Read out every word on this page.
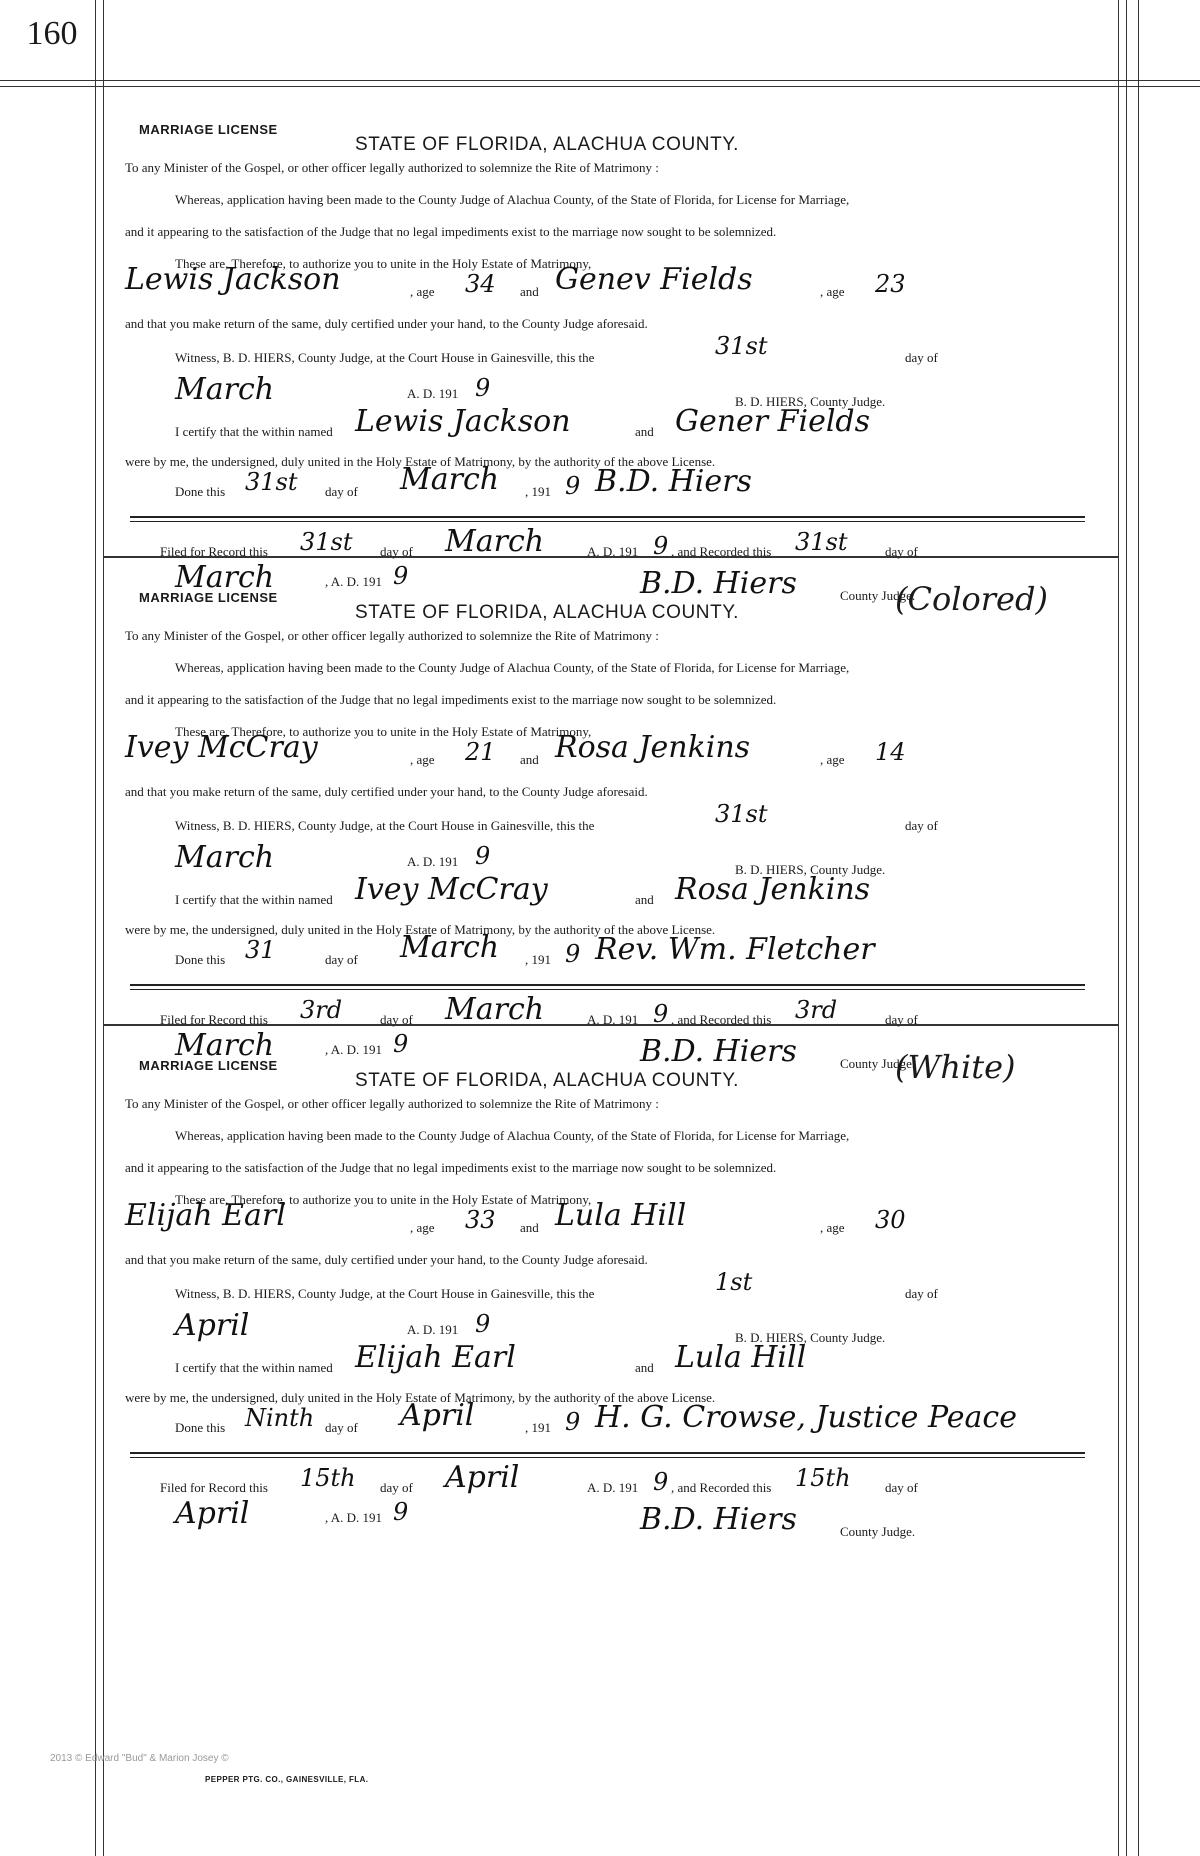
160
MARRIAGE LICENSE
STATE OF FLORIDA, ALACHUA COUNTY.
To any Minister of the Gospel, or other officer legally authorized to solemnize the Rite of Matrimony :
Whereas, application having been made to the County Judge of Alachua County, of the State of Florida, for License for Marriage,
and it appearing to the satisfaction of the Judge that no legal impediments exist to the marriage now sought to be solemnized.
These are, Therefore, to authorize you to unite in the Holy Estate of Matrimony,
Lewis Jackson	, age 34 and Genev Fields	, age 23
and that you make return of the same, duly certified under your hand, to the County Judge aforesaid.
Witness, B. D. HIERS, County Judge, at the Court House in Gainesville, this the	31st	day of
March	A. D. 191 9	B. D. HIERS, County Judge.
I certify that the within named Lewis Jackson	and Gener Fields
were by me, the undersigned, duly united in the Holy Estate of Matrimony, by the authority of the above License.
Done this 31st day of March , 191 9 B.D. Hiers
Filed for Record this 31st day of March	A. D. 191 9 , and Recorded this 31st	day of
March	, A. D. 191 9	B.D. Hiers	County Judge.
MARRIAGE LICENSE
STATE OF FLORIDA, ALACHUA COUNTY.	(Colored)
To any Minister of the Gospel, or other officer legally authorized to solemnize the Rite of Matrimony :
Whereas, application having been made to the County Judge of Alachua County, of the State of Florida, for License for Marriage,
and it appearing to the satisfaction of the Judge that no legal impediments exist to the marriage now sought to be solemnized.
These are, Therefore, to authorize you to unite in the Holy Estate of Matrimony,
Ivey McCray	, age 21 and Rosa Jenkins	, age 14
and that you make return of the same, duly certified under your hand, to the County Judge aforesaid.
Witness, B. D. HIERS, County Judge, at the Court House in Gainesville, this the	31st	day of
March	A. D. 191 9	B. D. HIERS, County Judge.
I certify that the within named Ivey McCray	and Rosa Jenkins
were by me, the undersigned, duly united in the Holy Estate of Matrimony, by the authority of the above License.
Done this 31	day of March , 191 9 Rev. Wm. Fletcher
Filed for Record this 3rd	day of March	A. D. 191 9 , and Recorded this 3rd	day of
March	, A. D. 191 9	B.D. Hiers	County Judge.
MARRIAGE LICENSE
STATE OF FLORIDA, ALACHUA COUNTY.	(White)
To any Minister of the Gospel, or other officer legally authorized to solemnize the Rite of Matrimony :
Whereas, application having been made to the County Judge of Alachua County, of the State of Florida, for License for Marriage,
and it appearing to the satisfaction of the Judge that no legal impediments exist to the marriage now sought to be solemnized.
These are, Therefore, to authorize you to unite in the Holy Estate of Matrimony,
Elijah Earl	, age 33 and Lula Hill	, age 30
and that you make return of the same, duly certified under your hand, to the County Judge aforesaid.
Witness, B. D. HIERS, County Judge, at the Court House in Gainesville, this the	1st	day of
April	A. D. 191 9	B. D. HIERS, County Judge.
I certify that the within named Elijah Earl	and Lula Hill
were by me, the undersigned, duly united in the Holy Estate of Matrimony, by the authority of the above License.
Done this Ninth day of April	, 191 9 H. G. Crowse, Justice Peace
Filed for Record this 15th day of April	A. D. 191 9 , and Recorded this 15th	day of
April	, A. D. 191 9	B.D. Hiers	County Judge.
2013 © Edward "Bud" & Marion Josey ©
PEPPER PTG. CO., GAINESVILLE, FLA.
